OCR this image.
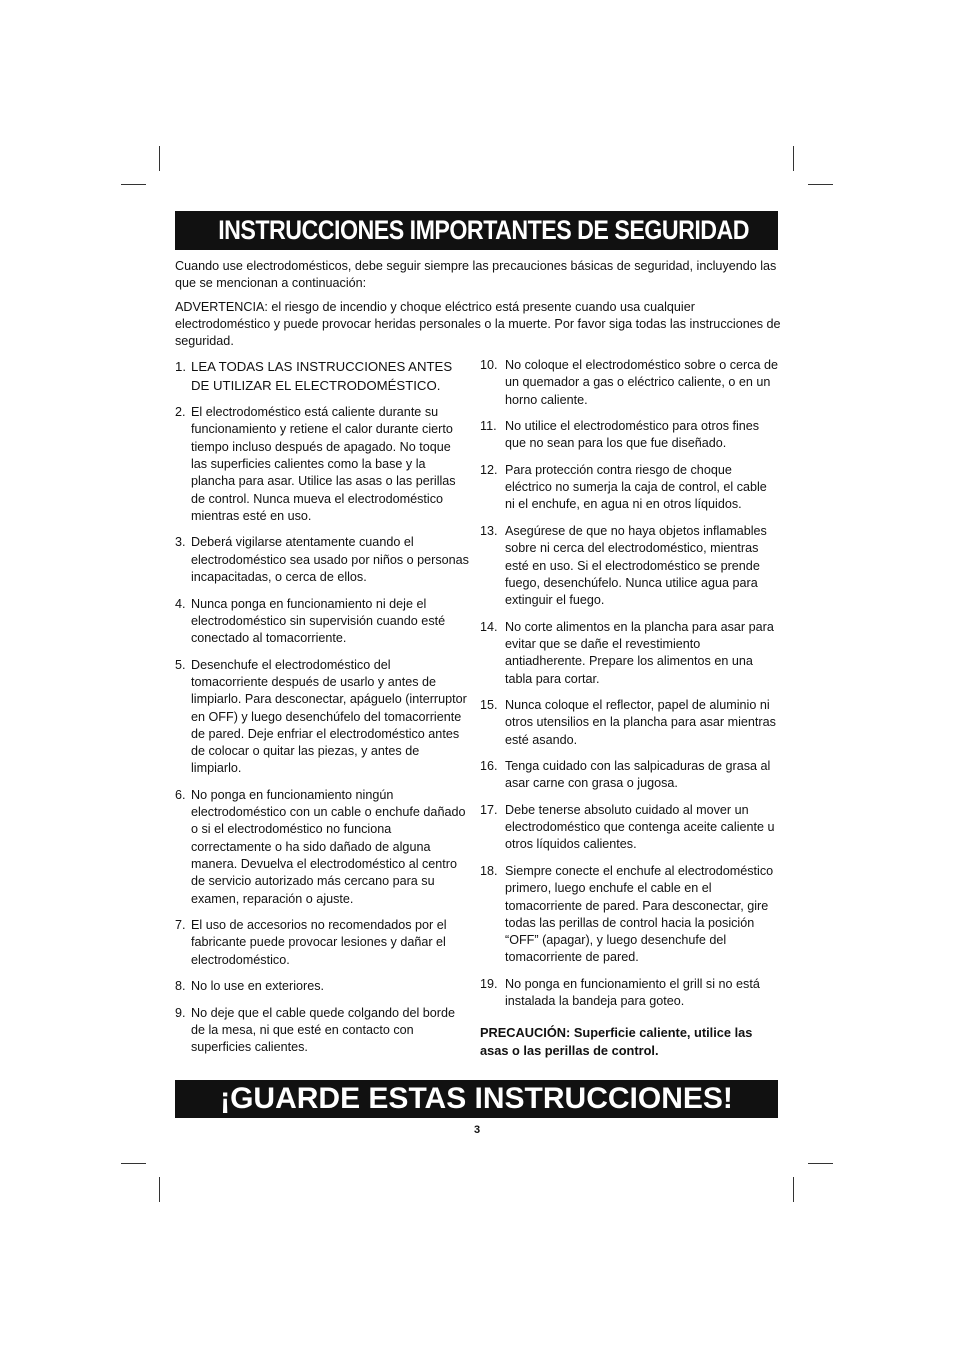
INSTRUCCIONES IMPORTANTES DE SEGURIDAD

Cuando use electrodomésticos, debe seguir siempre las precauciones básicas de seguridad, incluyendo las que se mencionan a continuación:

ADVERTENCIA: el riesgo de incendio y choque eléctrico está presente cuando usa cualquier electrodoméstico y puede provocar heridas personales o la muerte. Por favor siga todas las instrucciones de seguridad.

1. LEA TODAS LAS INSTRUCCIONES ANTES DE UTILIZAR EL ELECTRODOMÉSTICO.
2. El electrodoméstico está caliente durante su funcionamiento y retiene el calor durante cierto tiempo incluso después de apagado. No toque las superficies calientes como la base y la plancha para asar. Utilice las asas o las perillas de control. Nunca mueva el electrodoméstico mientras esté en uso.
3. Deberá vigilarse atentamente cuando el electrodoméstico sea usado por niños o personas incapacitadas, o cerca de ellos.
4. Nunca ponga en funcionamiento ni deje el electrodoméstico sin supervisión cuando esté conectado al tomacorriente.
5. Desenchufe el electrodoméstico del tomacorriente después de usarlo y antes de limpiarlo. Para desconectar, apáguelo (interruptor en OFF) y luego desenchúfelo del tomacorriente de pared. Deje enfriar el electrodoméstico antes de colocar o quitar las piezas, y antes de limpiarlo.
6. No ponga en funcionamiento ningún electrodoméstico con un cable o enchufe dañado o si el electrodoméstico no funciona correctamente o ha sido dañado de alguna manera. Devuelva el electrodoméstico al centro de servicio autorizado más cercano para su examen, reparación o ajuste.
7. El uso de accesorios no recomendados por el fabricante puede provocar lesiones y dañar el electrodoméstico.
8. No lo use en exteriores.
9. No deje que el cable quede colgando del borde de la mesa, ni que esté en contacto con superficies calientes.
10. No coloque el electrodoméstico sobre o cerca de un quemador a gas o eléctrico caliente, o en un horno caliente.
11. No utilice el electrodoméstico para otros fines que no sean para los que fue diseñado.
12. Para protección contra riesgo de choque eléctrico no sumerja la caja de control, el cable ni el enchufe, en agua ni en otros líquidos.
13. Asegúrese de que no haya objetos inflamables sobre ni cerca del electrodoméstico, mientras esté en uso. Si el electrodoméstico se prende fuego, desenchúfelo. Nunca utilice agua para extinguir el fuego.
14. No corte alimentos en la plancha para asar para evitar que se dañe el revestimiento antiadherente. Prepare los alimentos en una tabla para cortar.
15. Nunca coloque el reflector, papel de aluminio ni otros utensilios en la plancha para asar mientras esté asando.
16. Tenga cuidado con las salpicaduras de grasa al asar carne con grasa o jugosa.
17. Debe tenerse absoluto cuidado al mover un electrodoméstico que contenga aceite caliente u otros líquidos calientes.
18. Siempre conecte el enchufe al electrodoméstico primero, luego enchufe el cable en el tomacorriente de pared. Para desconectar, gire todas las perillas de control hacia la posición “OFF” (apagar), y luego desenchufe del tomacorriente de pared.
19. No ponga en funcionamiento el grill si no está instalada la bandeja para goteo.
PRECAUCIÓN: Superficie caliente, utilice las asas o las perillas de control.
¡GUARDE ESTAS INSTRUCCIONES!
3
